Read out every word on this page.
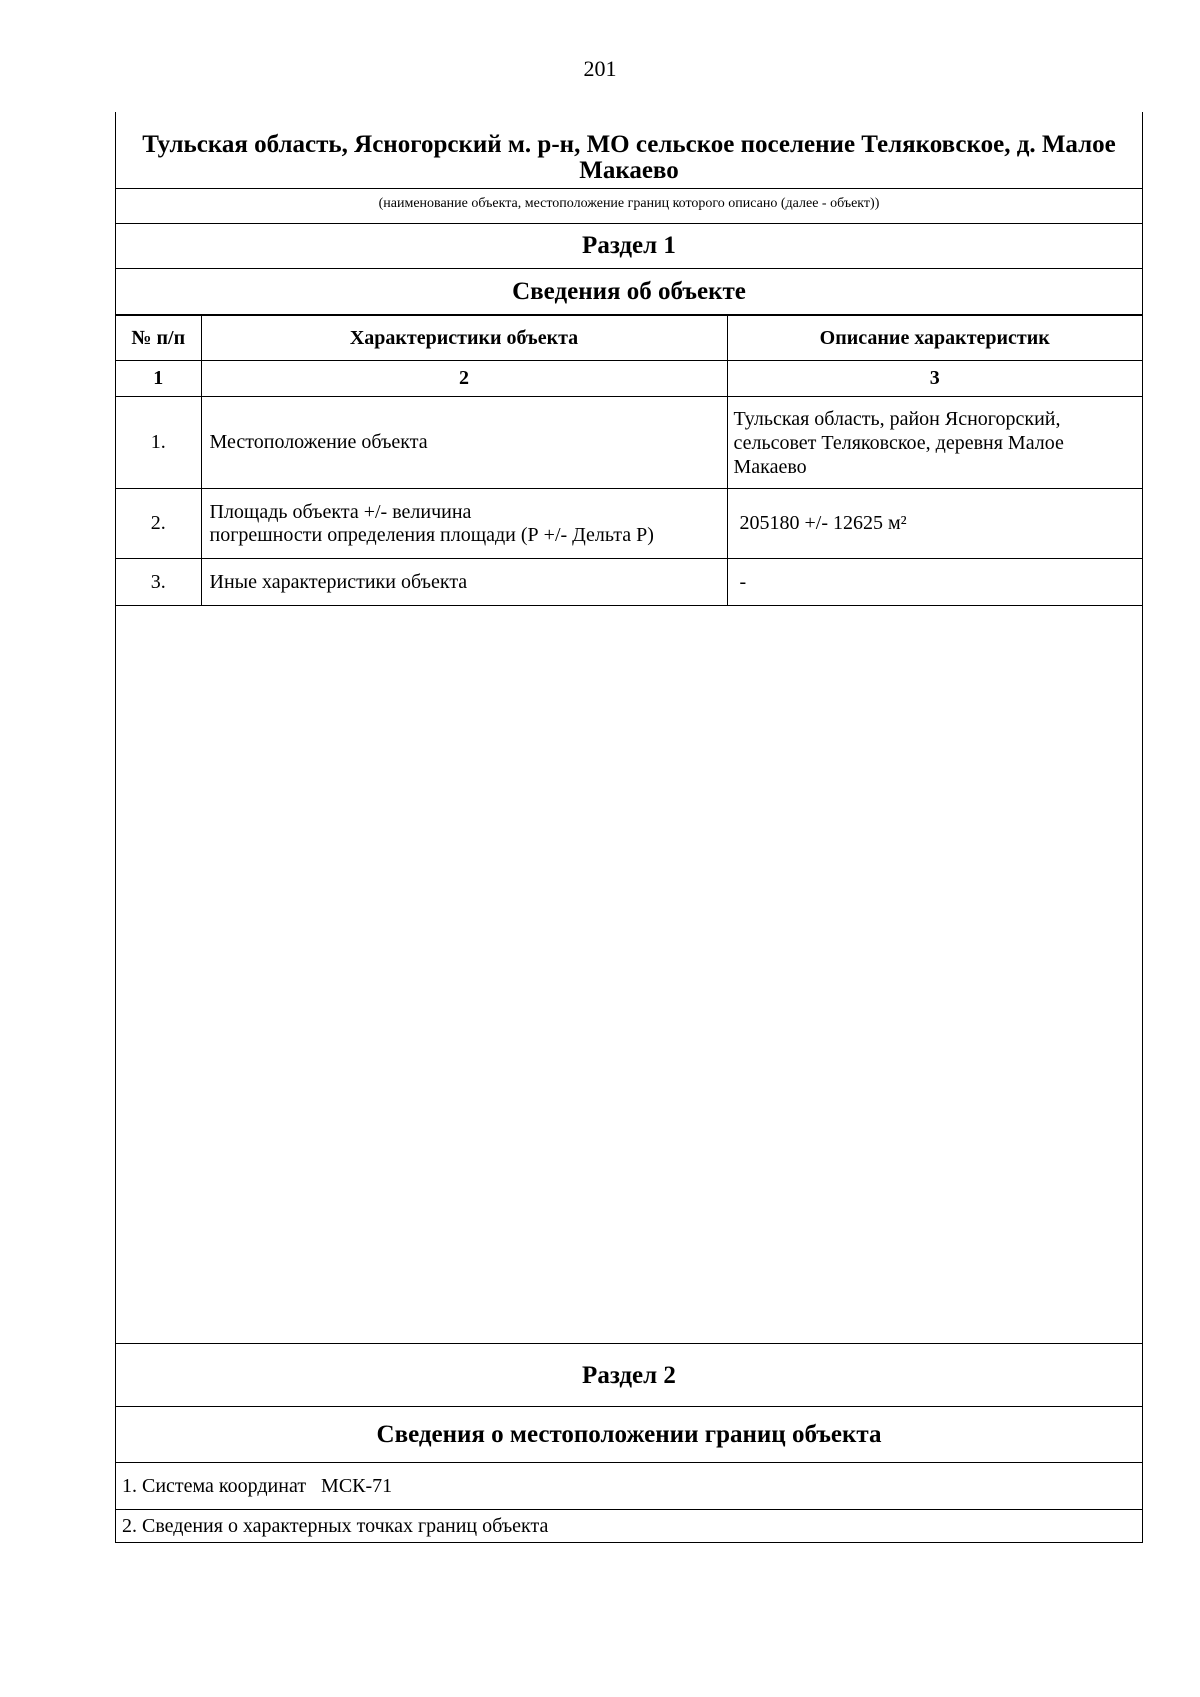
201
Тульская область, Ясногорский м. р-н, МО сельское поселение Теляковское, д. Малое Макаево
(наименование объекта, местоположение границ которого описано (далее - объект))
Раздел 1
Сведения об объекте
№ п/п	Характеристики объекта	Описание характеристик
1	2	3
1.	Местоположение объекта	Тульская область, район Ясногорский, сельсовет Теляковское, деревня Малое Макаево
2.	Площадь объекта +/- величина
погрешности определения площади (Р +/- Дельта Р)	205180 +/- 12625 м²
3.	Иные характеристики объекта	-
Раздел 2
Сведения о местоположении границ объекта
1. Система координат   МСК-71
2. Сведения о характерных точках границ объекта
